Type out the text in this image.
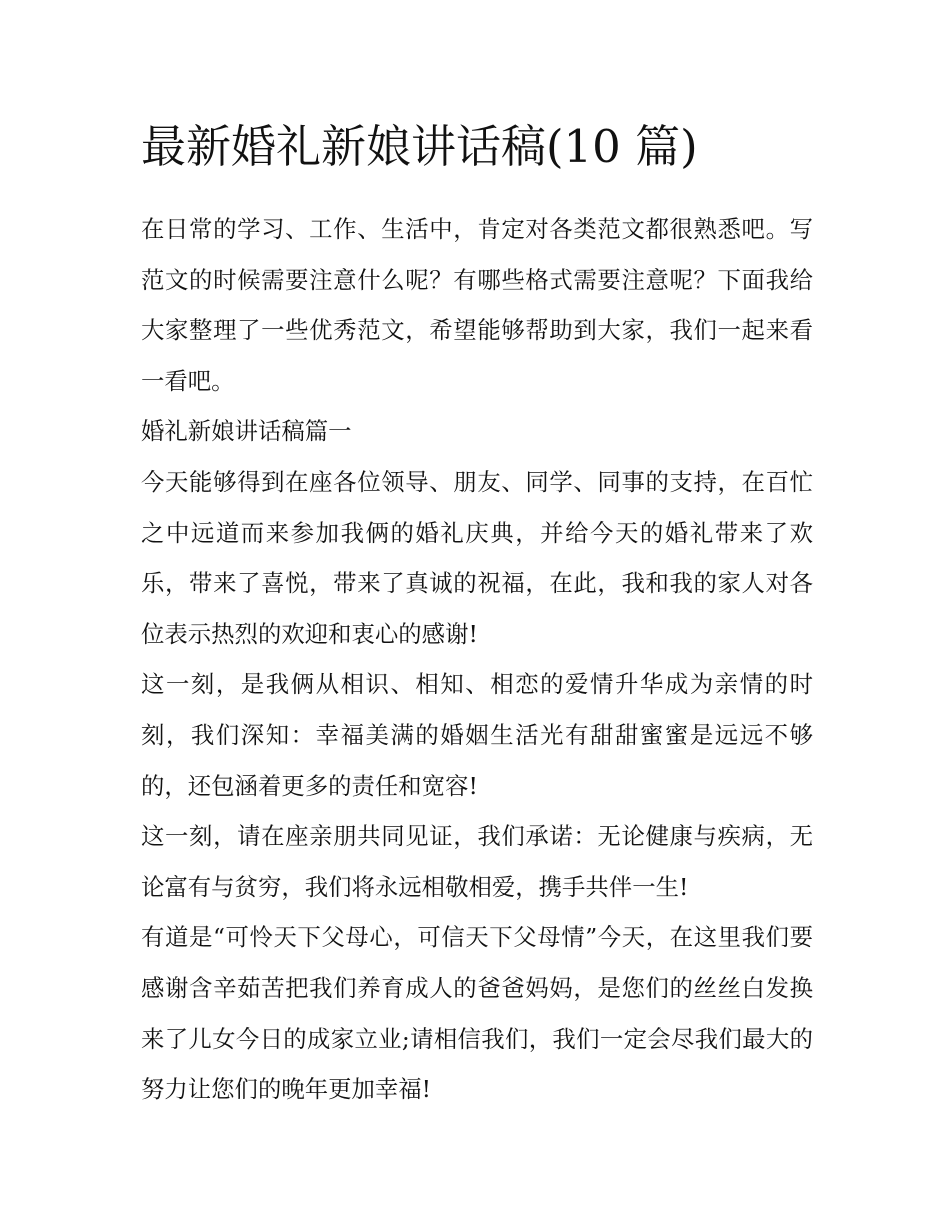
最新婚礼新娘讲话稿(10 篇)

在日常的学习、工作、生活中，肯定对各类范文都很熟悉吧。写范文的时候需要注意什么呢？有哪些格式需要注意呢？下面我给大家整理了一些优秀范文，希望能够帮助到大家，我们一起来看一看吧。

婚礼新娘讲话稿篇一

今天能够得到在座各位领导、朋友、同学、同事的支持，在百忙之中远道而来参加我俩的婚礼庆典，并给今天的婚礼带来了欢乐，带来了喜悦，带来了真诚的祝福，在此，我和我的家人对各位表示热烈的欢迎和衷心的感谢!

这一刻，是我俩从相识、相知、相恋的爱情升华成为亲情的时刻，我们深知：幸福美满的婚姻生活光有甜甜蜜蜜是远远不够的，还包涵着更多的责任和宽容!

这一刻，请在座亲朋共同见证，我们承诺：无论健康与疾病，无论富有与贫穷，我们将永远相敬相爱，携手共伴一生!

有道是“可怜天下父母心，可信天下父母情”今天，在这里我们要感谢含辛茹苦把我们养育成人的爸爸妈妈，是您们的丝丝白发换来了儿女今日的成家立业;请相信我们，我们一定会尽我们最大的努力让您们的晚年更加幸福!
